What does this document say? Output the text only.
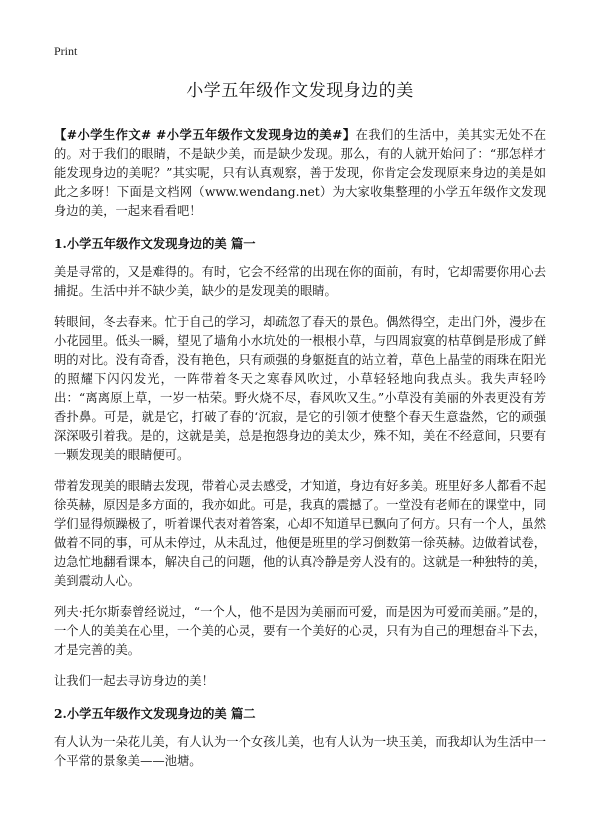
Print
小学五年级作文发现身边的美

【#小学生作文# #小学五年级作文发现身边的美#】在我们的生活中，美其实无处不在的。对于我们的眼睛，不是缺少美，而是缺少发现。那么，有的人就开始问了：“那怎样才能发现身边的美呢？”其实呢，只有认真观察，善于发现，你肯定会发现原来身边的美是如此之多呀！下面是文档网（www.wendang.net）为大家收集整理的小学五年级作文发现身边的美，一起来看看吧！

1.小学五年级作文发现身边的美 篇一

美是寻常的，又是难得的。有时，它会不经常的出现在你的面前，有时，它却需要你用心去捕捉。生活中并不缺少美，缺少的是发现美的眼睛。

转眼间，冬去春来。忙于自己的学习，却疏忽了春天的景色。偶然得空，走出门外，漫步在小花园里。低头一瞬，望见了墙角小水坑处的一根根小草，与四周寂寞的枯草倒是形成了鲜明的对比。没有奇香，没有艳色，只有顽强的身躯挺直的站立着，草色上晶莹的雨珠在阳光的照耀下闪闪发光，一阵带着冬天之寒春风吹过，小草轻轻地向我点头。我失声轻吟出：“离离原上草，一岁一枯荣。野火烧不尽，春风吹又生。”小草没有美丽的外表更没有芳香扑鼻。可是，就是它，打破了春的‘沉寂，是它的引领才使整个春天生意盎然，它的顽强深深吸引着我。是的，这就是美，总是抱怨身边的美太少，殊不知，美在不经意间，只要有一颗发现美的眼睛便可。

带着发现美的眼睛去发现，带着心灵去感受，才知道，身边有好多美。班里好多人都看不起徐英赫，原因是多方面的，我亦如此。可是，我真的震撼了。一堂没有老师在的课堂中，同学们显得烦躁极了，听着课代表对着答案，心却不知道早已飘向了何方。只有一个人，虽然做着不同的事，可从未停过，从未乱过，他便是班里的学习倒数第一徐英赫。边做着试卷，边急忙地翻看课本，解决自己的问题，他的认真冷静是旁人没有的。这就是一种独特的美，美到震动人心。

列夫·托尔斯泰曾经说过，“一个人，他不是因为美丽而可爱，而是因为可爱而美丽。”是的，一个人的美美在心里，一个美的心灵，要有一个美好的心灵，只有为自己的理想奋斗下去，才是完善的美。

让我们一起去寻访身边的美！

2.小学五年级作文发现身边的美 篇二

有人认为一朵花儿美，有人认为一个女孩儿美，也有人认为一块玉美，而我却认为生活中一个平常的景象美——池塘。
